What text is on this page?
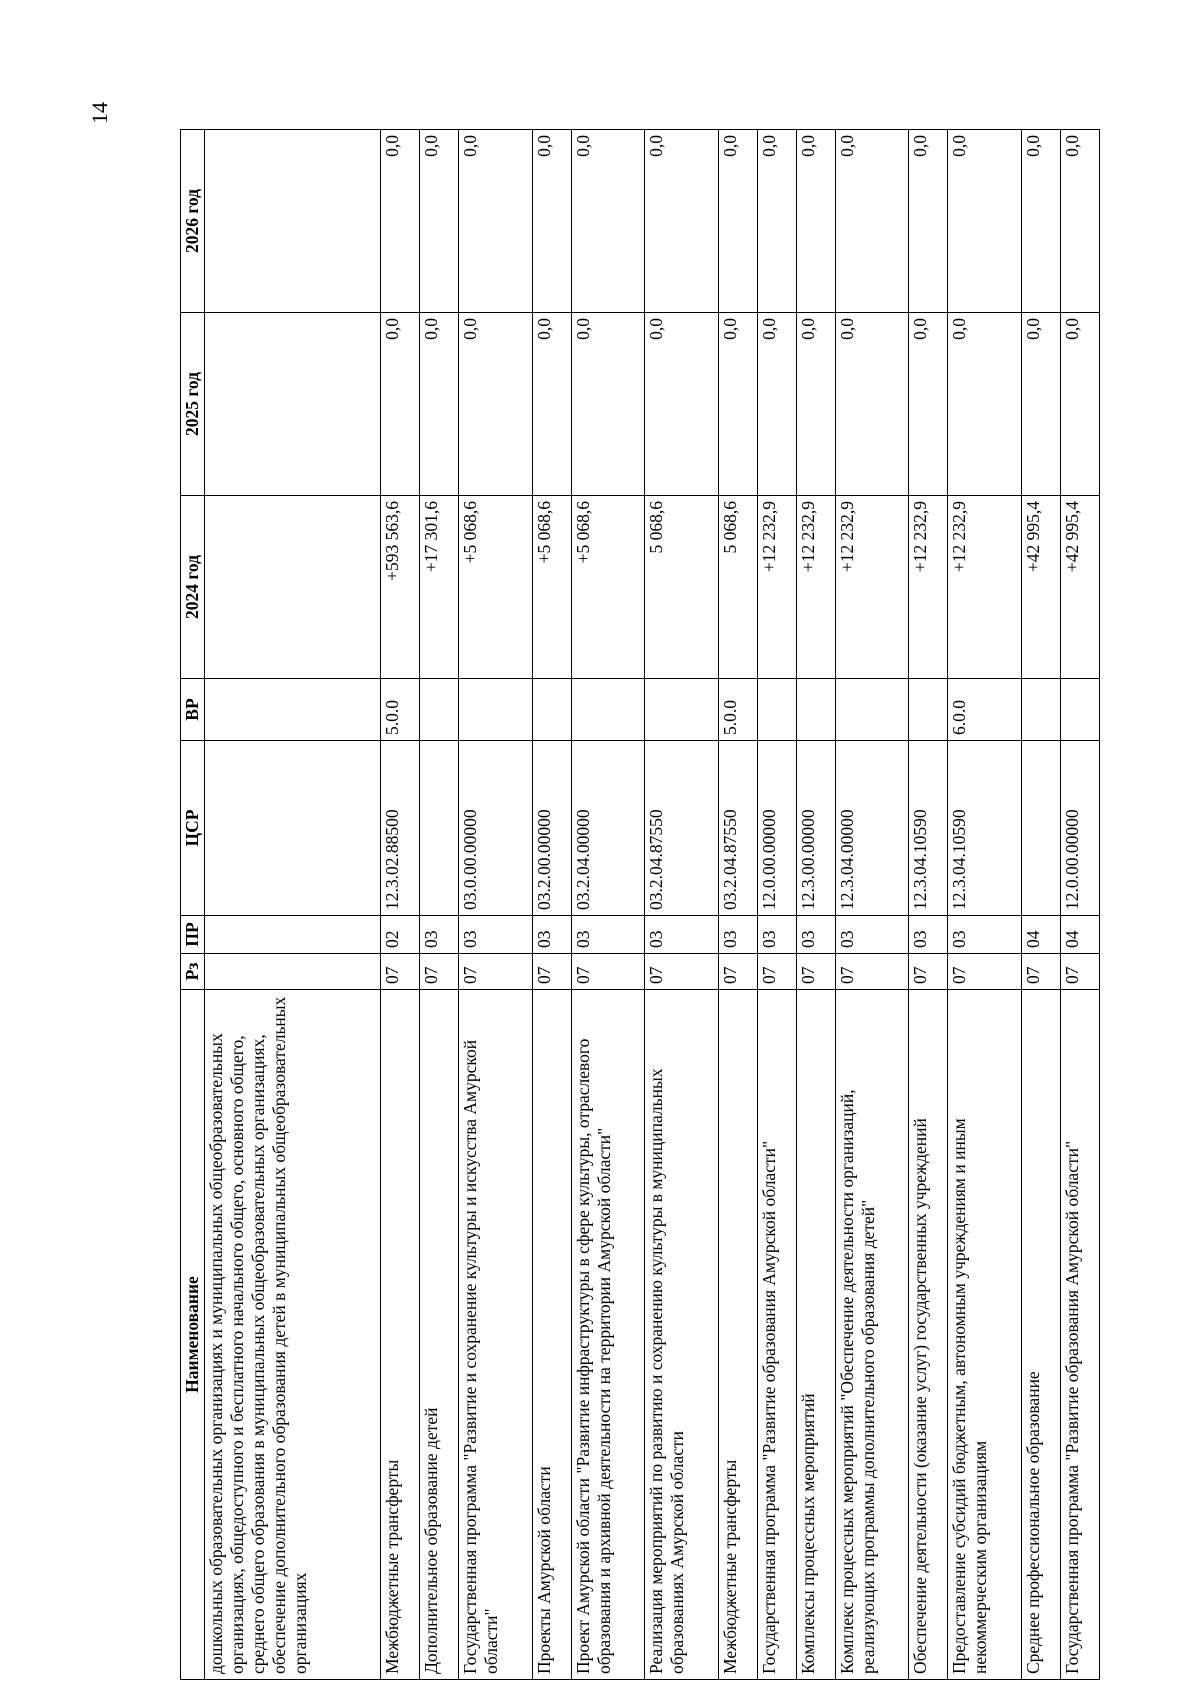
14
Наименование	Рз	ПР	ЦСР	ВР	2024 год	2025 год	2026 год
дошкольных образовательных организациях и муниципальных общеобразовательных организациях, общедоступного и бесплатного начального общего, основного общего, среднего общего образования в муниципальных общеобразовательных организациях, обеспечение дополнительного образования детей в муниципальных общеобразовательных организациях							
Межбюджетные трансферты	07	02	12.3.02.88500	5.0.0	+593 563,6	0,0	0,0
Дополнительное образование детей	07	03			+17 301,6	0,0	0,0
Государственная программа "Развитие и сохранение культуры и искусства Амурской области"	07	03	03.0.00.00000		+5 068,6	0,0	0,0
Проекты Амурской области	07	03	03.2.00.00000		+5 068,6	0,0	0,0
Проект Амурской области "Развитие инфраструктуры в сфере культуры, отраслевого образования и архивной деятельности на территории Амурской области"	07	03	03.2.04.00000		+5 068,6	0,0	0,0
Реализация мероприятий по развитию и сохранению культуры в муниципальных образованиях Амурской области	07	03	03.2.04.87550		5 068,6	0,0	0,0
Межбюджетные трансферты	07	03	03.2.04.87550	5.0.0	5 068,6	0,0	0,0
Государственная программа "Развитие образования Амурской области"	07	03	12.0.00.00000		+12 232,9	0,0	0,0
Комплексы процессных мероприятий	07	03	12.3.00.00000		+12 232,9	0,0	0,0
Комплекс процессных мероприятий "Обеспечение деятельности организаций, реализующих программы дополнительного образования детей"	07	03	12.3.04.00000		+12 232,9	0,0	0,0
Обеспечение деятельности (оказание услуг) государственных учреждений	07	03	12.3.04.10590		+12 232,9	0,0	0,0
Предоставление субсидий бюджетным, автономным учреждениям и иным некоммерческим организациям	07	03	12.3.04.10590	6.0.0	+12 232,9	0,0	0,0
Среднее профессиональное образование	07	04			+42 995,4	0,0	0,0
Государственная программа "Развитие образования Амурской области"	07	04	12.0.00.00000		+42 995,4	0,0	0,0
